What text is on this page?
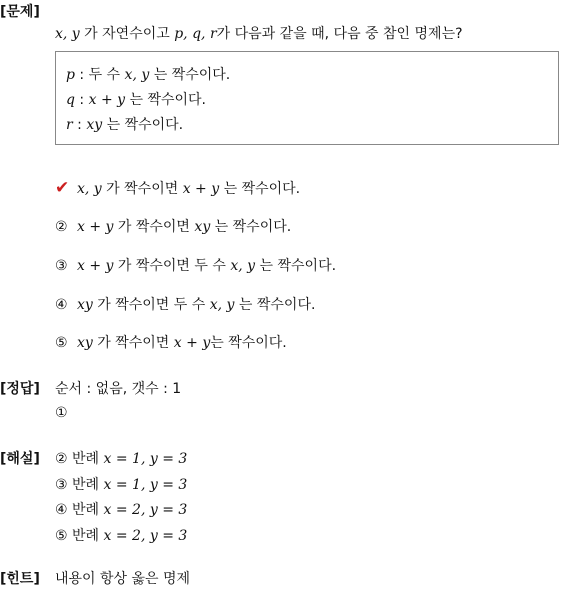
[문제]
x, y 가 자연수이고 p, q, r가 다음과 같을 때, 다음 중 참인 명제는?
p : 두 수 x, y 는 짝수이다.
q : x + y 는 짝수이다.
r : xy 는 짝수이다.
✔ x, y 가 짝수이면 x + y 는 짝수이다.
② x + y 가 짝수이면 xy 는 짝수이다.
③ x + y 가 짝수이면 두 수 x, y 는 짝수이다.
④ xy 가 짝수이면 두 수 x, y 는 짝수이다.
⑤ xy 가 짝수이면 x + y는 짝수이다.
[정답] 순서 : 없음, 갯수 : 1
①
[해설] ② 반례 x = 1, y = 3
③ 반례 x = 1, y = 3
④ 반례 x = 2, y = 3
⑤ 반례 x = 2, y = 3
[힌트] 내용이 항상 옳은 명제
